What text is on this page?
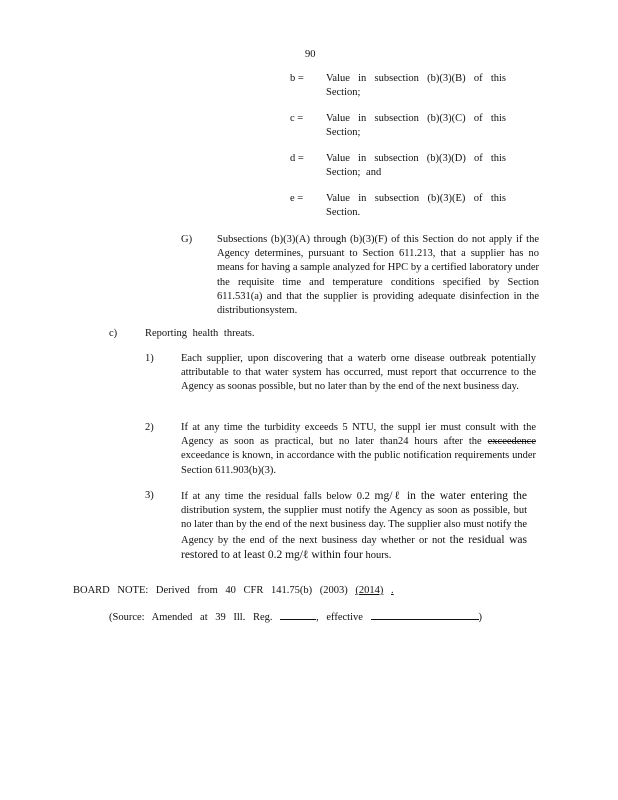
90
b = Value in subsection (b)(3)(B) of this Section;
c = Value in subsection (b)(3)(C) of this Section;
d = Value in subsection (b)(3)(D) of this Section; and
e = Value in subsection (b)(3)(E) of this Section.
G) Subsections (b)(3)(A) through (b)(3)(F) of this Section do not apply if the Agency determines, pursuant to Section 611.213, that a supplier has no means for having a sample analyzed for HPC by a certified laboratory under the requisite time and temperature conditions specified by Section 611.531(a) and that the supplier is providing adequate disinfection in the distributionsystem.
c)	Reporting health threats.
1)	Each supplier, upon discovering that a waterb orne disease outbreak potentially attributable to that water system has occurred, must report that occurrence to the Agency as soonas possible, but no later than by the end of the next business day.
2)	If at any time the turbidity exceeds 5 NTU, the suppl ier must consult with the Agency as soon as practical, but no later than24 hours after the exceedence exceedance is known, in accordance with the public notification requirements under Section 611.903(b)(3).
3)	If at any time the residual falls below 0.2 mg/ℓ in the water entering the distribution system, the supplier must notify the Agency as soon as possible, but no later than by the end of the next business day. The supplier also must notify the Agency by the end of the next business day whether or not the residual was restored to at least 0.2 mg/ℓ within four hours.
BOARD NOTE: Derived from 40 CFR 141.75(b) (2003) (2014) .
(Source: Amended at 39 Ill. Reg.	, effective	)
